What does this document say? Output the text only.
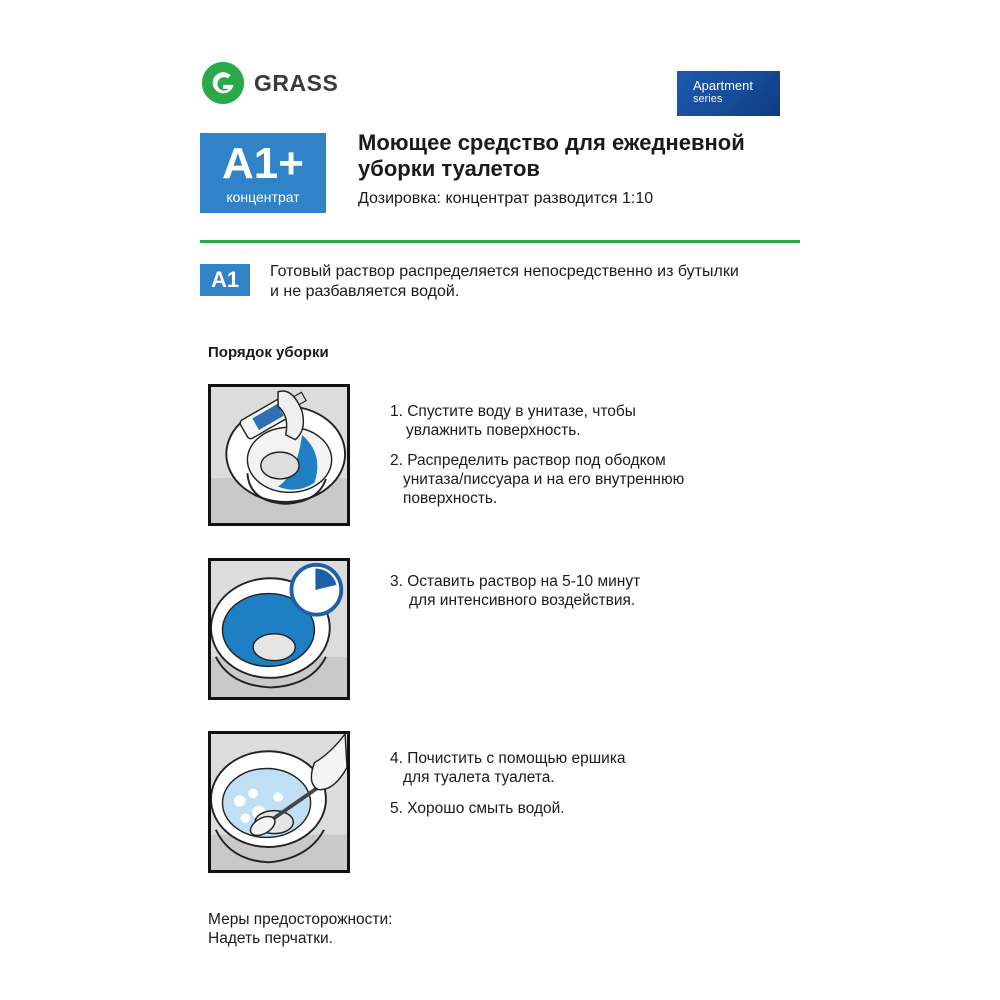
GRASS	Apartment
series
A1+
концентрат
Моющее средство для ежедневной
уборки туалетов
Дозировка: концентрат разводится 1:10
A1	Готовый раствор распределяется непосредственно из бутылки
и не разбавляется водой.
Порядок уборки
1. Спустите воду в унитазе, чтобы
увлажнить поверхность.
2. Распределить раствор под ободком
унитаза/писсуара и на его внутреннюю
поверхность.
3. Оставить раствор на 5-10 минут
для интенсивного воздействия.
4. Почистить с помощью ершика
для туалета туалета.
5. Хорошо смыть водой.
Меры предосторожности:
Надеть перчатки.
